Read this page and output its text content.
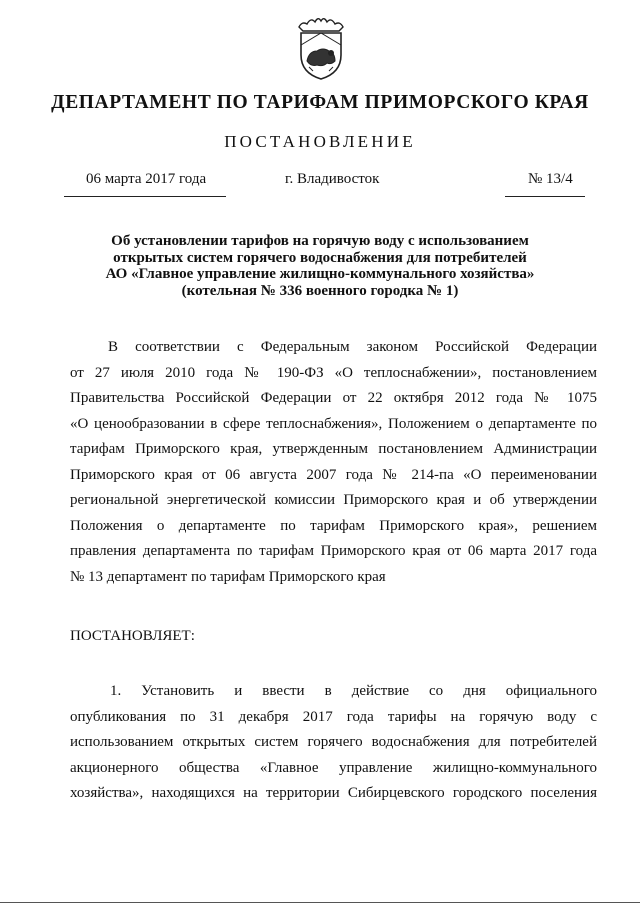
ДЕПАРТАМЕНТ ПО ТАРИФАМ ПРИМОРСКОГО КРАЯ
ПОСТАНОВЛЕНИЕ
06 марта 2017 года	г. Владивосток	№ 13/4
Об установлении тарифов на горячую воду с использованием
открытых систем горячего водоснабжения для потребителей
АО «Главное управление жилищно-коммунального хозяйства»
(котельная № 336 военного городка № 1)
В соответствии с Федеральным законом Российской Федерации
от 27 июля 2010 года № 190-ФЗ «О теплоснабжении», постановлением
Правительства Российской Федерации от 22 октября 2012 года № 1075
«О ценообразовании в сфере теплоснабжения», Положением о департаменте по
тарифам Приморского края, утвержденным постановлением Администрации
Приморского края от 06 августа 2007 года № 214-па «О переименовании
региональной энергетической комиссии Приморского края и об утверждении
Положения о департаменте по тарифам Приморского края», решением
правления департамента по тарифам Приморского края от 06 марта 2017 года
№ 13 департамент по тарифам Приморского края
ПОСТАНОВЛЯЕТ:
1. Установить и ввести в действие со дня официального
опубликования по 31 декабря 2017 года тарифы на горячую воду с
использованием открытых систем горячего водоснабжения для потребителей
акционерного общества «Главное управление жилищно-коммунального
хозяйства», находящихся на территории Сибирцевского городского поселения
